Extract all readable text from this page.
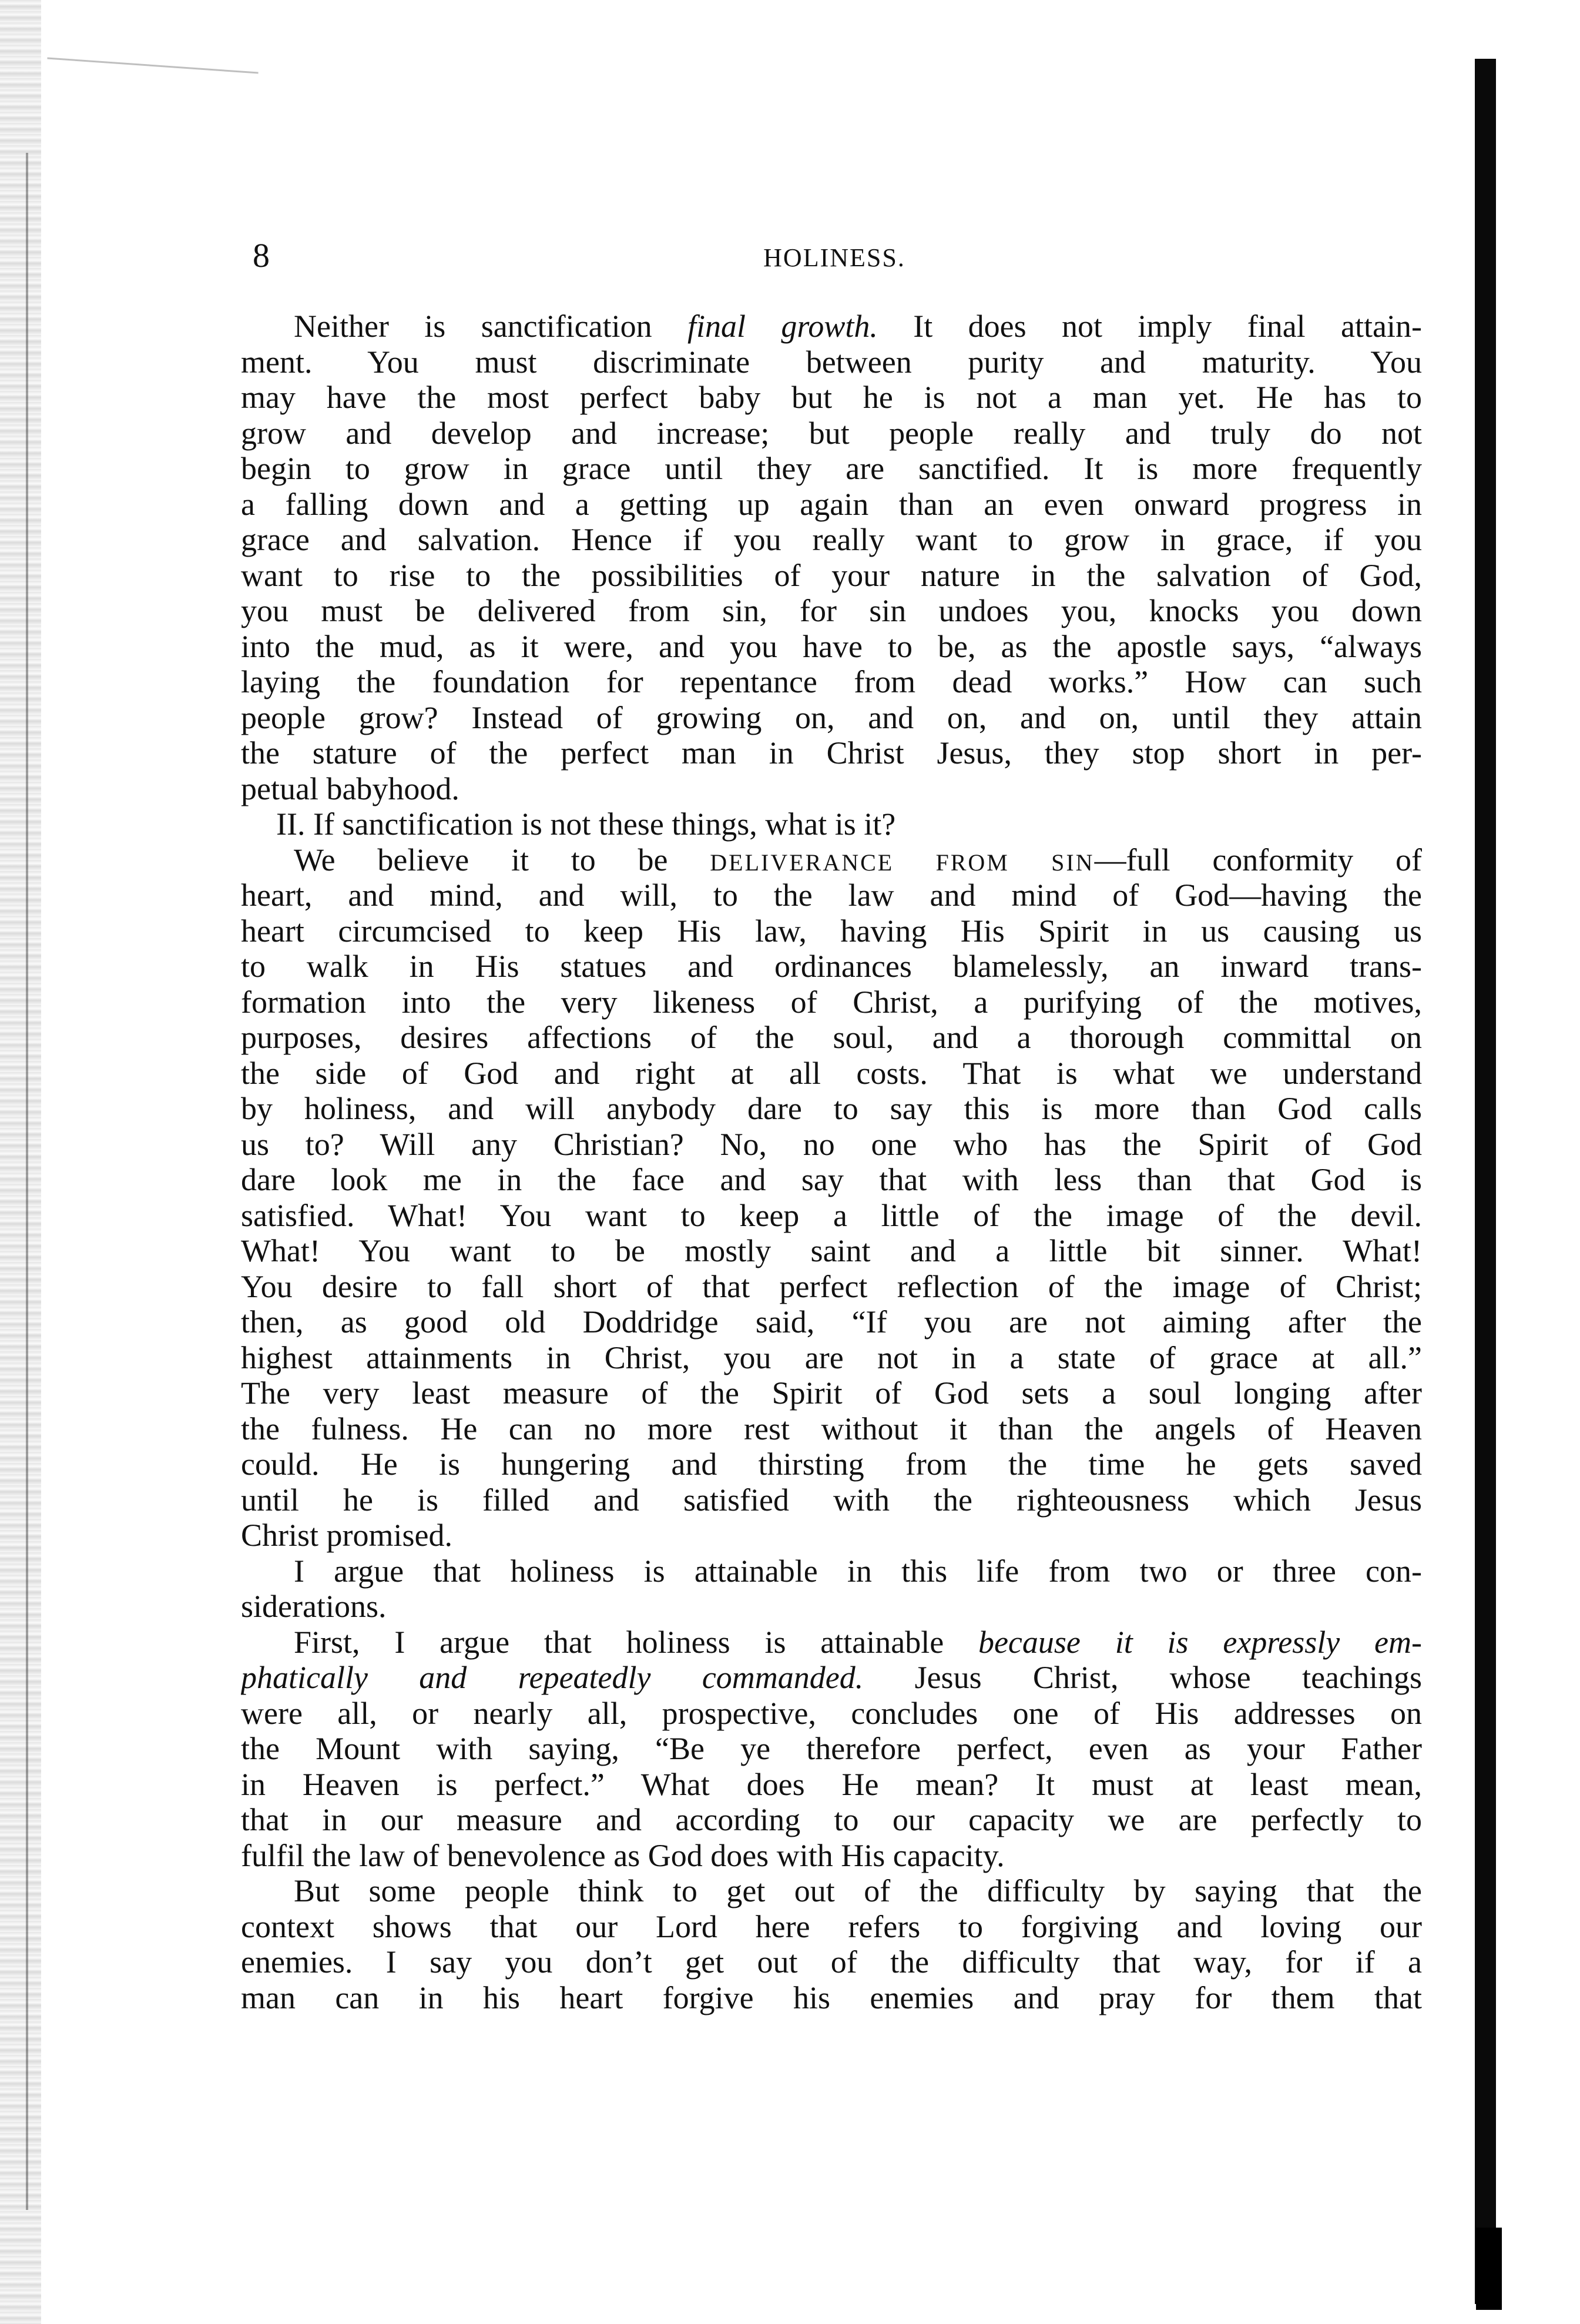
8	HOLINESS.
Neither is sanctification final growth. It does not imply final attain-
ment. You must discriminate between purity and maturity. You
may have the most perfect baby but he is not a man yet. He has to
grow and develop and increase; but people really and truly do not
begin to grow in grace until they are sanctified. It is more frequently
a falling down and a getting up again than an even onward progress in
grace and salvation. Hence if you really want to grow in grace, if you
want to rise to the possibilities of your nature in the salvation of God,
you must be delivered from sin, for sin undoes you, knocks you down
into the mud, as it were, and you have to be, as the apostle says, “always
laying the foundation for repentance from dead works.” How can such
people grow? Instead of growing on, and on, and on, until they attain
the stature of the perfect man in Christ Jesus, they stop short in per-
petual babyhood.
II. If sanctification is not these things, what is it?
We believe it to be DELIVERANCE FROM SIN—full conformity of
heart, and mind, and will, to the law and mind of God—having the
heart circumcised to keep His law, having His Spirit in us causing us
to walk in His statues and ordinances blamelessly, an inward trans-
formation into the very likeness of Christ, a purifying of the motives,
purposes, desires affections of the soul, and a thorough committal on
the side of God and right at all costs. That is what we understand
by holiness, and will anybody dare to say this is more than God calls
us to? Will any Christian? No, no one who has the Spirit of God
dare look me in the face and say that with less than that God is
satisfied. What! You want to keep a little of the image of the devil.
What! You want to be mostly saint and a little bit sinner. What!
You desire to fall short of that perfect reflection of the image of Christ;
then, as good old Doddridge said, “If you are not aiming after the
highest attainments in Christ, you are not in a state of grace at all.”
The very least measure of the Spirit of God sets a soul longing after
the fulness. He can no more rest without it than the angels of Heaven
could. He is hungering and thirsting from the time he gets saved
until he is filled and satisfied with the righteousness which Jesus
Christ promised.
I argue that holiness is attainable in this life from two or three con-
siderations.
First, I argue that holiness is attainable because it is expressly em-
phatically and repeatedly commanded. Jesus Christ, whose teachings
were all, or nearly all, prospective, concludes one of His addresses on
the Mount with saying, “Be ye therefore perfect, even as your Father
in Heaven is perfect.” What does He mean? It must at least mean,
that in our measure and according to our capacity we are perfectly to
fulfil the law of benevolence as God does with His capacity.
But some people think to get out of the difficulty by saying that the
context shows that our Lord here refers to forgiving and loving our
enemies. I say you don’t get out of the difficulty that way, for if a
man can in his heart forgive his enemies and pray for them that
